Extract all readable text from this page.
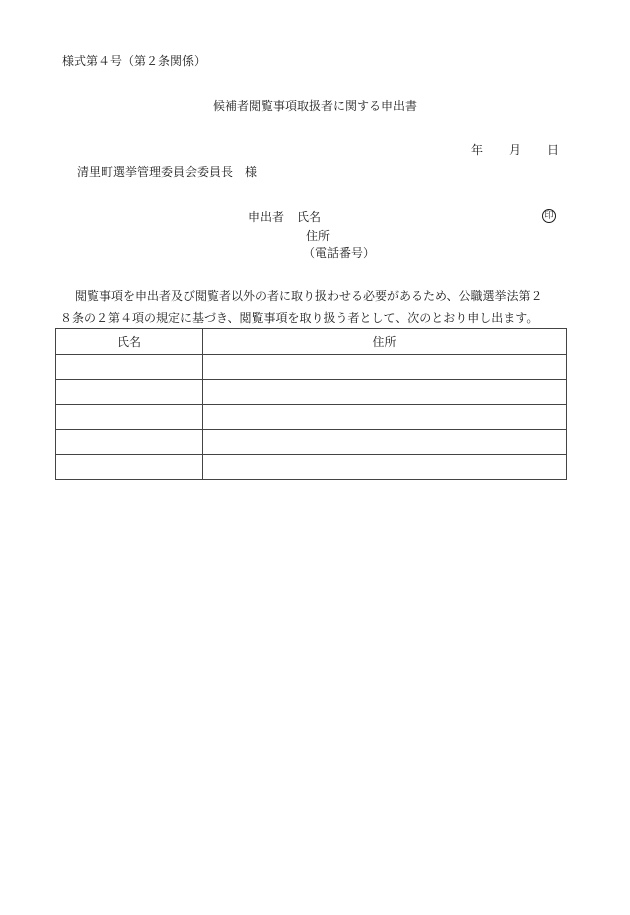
様式第４号（第２条関係）
候補者閲覧事項取扱者に関する申出書
年 月 日
清里町選挙管理委員会委員長　様
申出者 氏名	印
住所
（電話番号）
閲覧事項を申出者及び閲覧者以外の者に取り扱わせる必要があるため、公職選挙法第２
８条の２第４項の規定に基づき、閲覧事項を取り扱う者として、次のとおり申し出ます。
氏名	住所
